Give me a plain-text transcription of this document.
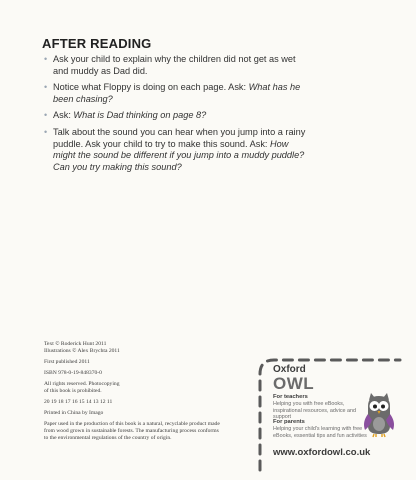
AFTER READING
• Ask your child to explain why the children did not get as wet and muddy as Dad did.
• Notice what Floppy is doing on each page. Ask: What has he been chasing?
• Ask: What is Dad thinking on page 8?
• Talk about the sound you can hear when you jump into a rainy puddle. Ask your child to try to make this sound. Ask: How might the sound be different if you jump into a muddy puddle? Can you try making this sound?
Text © Roderick Hunt 2011
Illustrations © Alex Brychta 2011
First published 2011
ISBN 978-0-19-848370-0
All rights reserved. Photocopying
of this book is prohibited.
20 19 18 17 16 15 14 13 12 11
Printed in China by Imago
Paper used in the production of this book is a natural, recyclable product made from wood grown in sustainable forests. The manufacturing process conforms to the environmental regulations of the country of origin.
Oxford
OWL
For teachers
Helping you with free eBooks, inspirational resources, advice and support
For parents
Helping your child's learning with free eBooks, essential tips and fun activities
www.oxfordowl.co.uk
